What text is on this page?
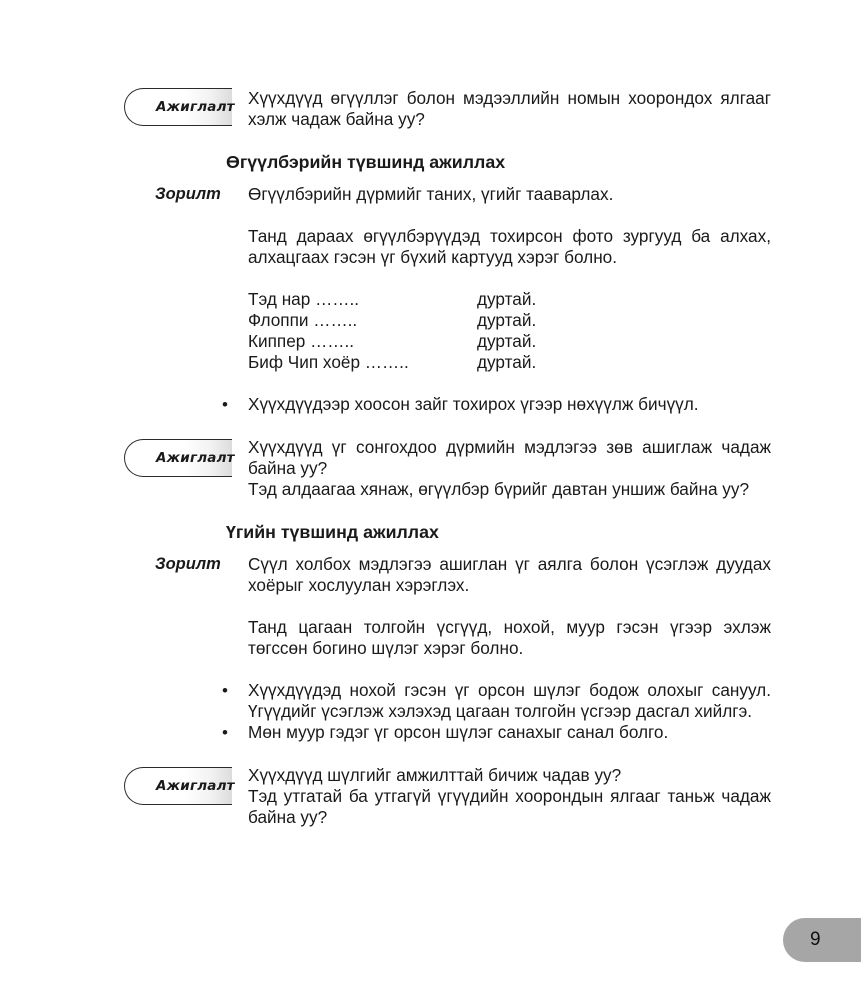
Ажиглалт Хүүхдүүд өгүүллэг болон мэдээллийн номын хоорондох ялгааг
хэлж чадаж байна уу?
Өгүүлбэрийн түвшинд ажиллах
Зорилт Өгүүлбэрийн дүрмийг таних, үгийг тааварлах.
Танд дараах өгүүлбэрүүдэд тохирсон фото зургууд ба алхах,
алхацгаах гэсэн үг бүхий картууд хэрэг болно.
Тэд нар ……..	дуртай.
Флоппи ……..	дуртай.
Киппер ……..	дуртай.
Биф Чип хоёр ……..	дуртай.
• Хүүхдүүдээр хоосон зайг тохирох үгээр нөхүүлж бичүүл.
Ажиглалт
Хүүхдүүд үг сонгохдоо дүрмийн мэдлэгээ зөв ашиглаж чадаж
байна уу?
Тэд алдаагаа хянаж, өгүүлбэр бүрийг давтан уншиж байна уу?
Үгийн түвшинд ажиллах
Зорилт Сүүл холбох мэдлэгээ ашиглан үг аялга болон үсэглэж дуудах
хоёрыг хослуулан хэрэглэх.
Танд цагаан толгойн үсгүүд, нохой, муур гэсэн үгээр эхлэж
төгссөн богино шүлэг хэрэг болно.
• Хүүхдүүдэд нохой гэсэн үг орсон шүлэг бодож олохыг сануул.
Үгүүдийг үсэглэж хэлэхэд цагаан толгойн үсгээр дасгал хийлгэ.
• Мөн муур гэдэг үг орсон шүлэг санахыг санал болго.
Ажиглалт
Хүүхдүүд шүлгийг амжилттай бичиж чадав уу?
Тэд утгатай ба утгагүй үгүүдийн хоорондын ялгааг таньж чадаж
байна уу?
9
